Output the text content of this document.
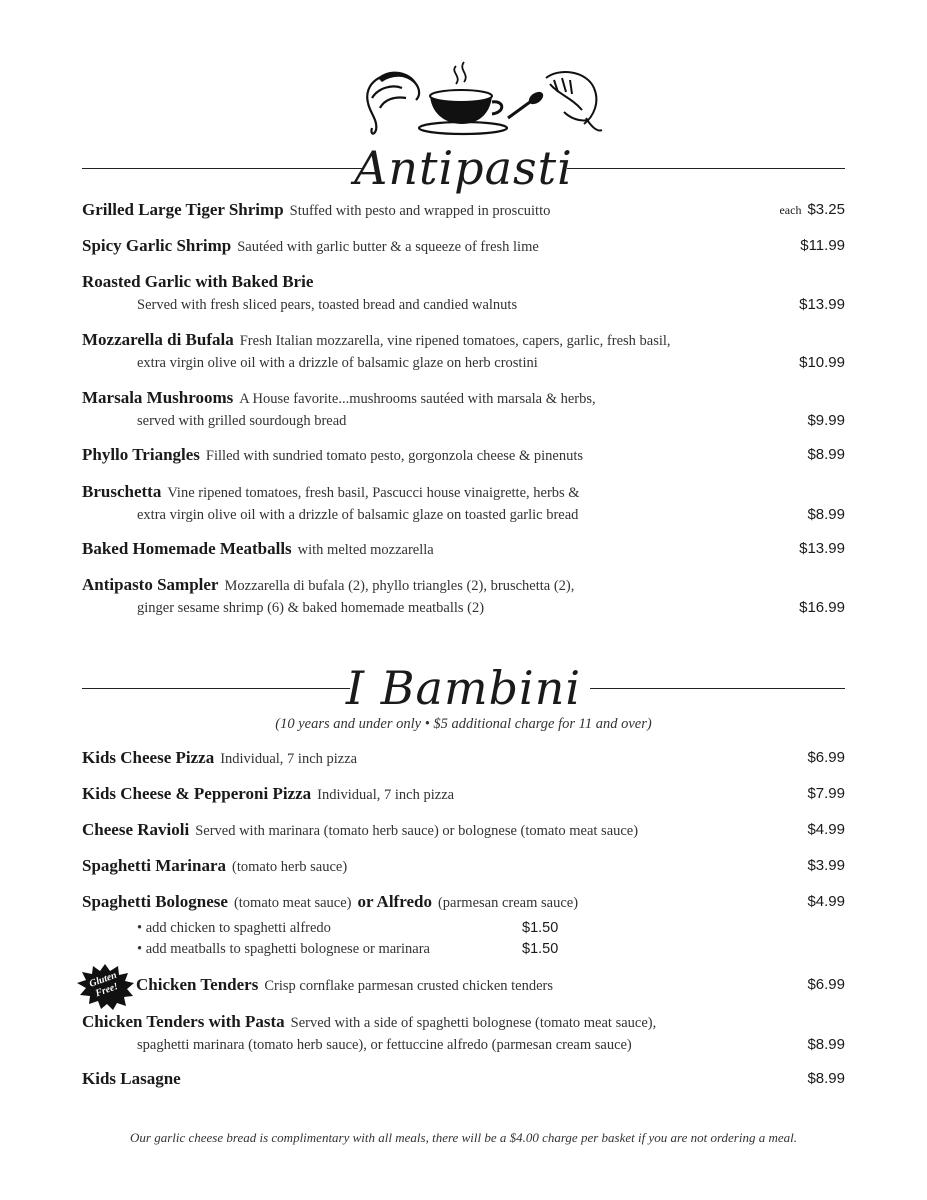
Antipasti
Grilled Large Tiger Shrimp Stuffed with pesto and wrapped in proscuitto	each $3.25
Spicy Garlic Shrimp Sautéed with garlic butter & a squeeze of fresh lime	$11.99
Roasted Garlic with Baked Brie
Served with fresh sliced pears, toasted bread and candied walnuts	$13.99
Mozzarella di Bufala Fresh Italian mozzarella, vine ripened tomatoes, capers, garlic, fresh basil,
extra virgin olive oil with a drizzle of balsamic glaze on herb crostini	$10.99
Marsala Mushrooms A House favorite...mushrooms sautéed with marsala & herbs,
served with grilled sourdough bread	$9.99
Phyllo Triangles Filled with sundried tomato pesto, gorgonzola cheese & pinenuts	$8.99
Bruschetta Vine ripened tomatoes, fresh basil, Pascucci house vinaigrette, herbs &
extra virgin olive oil with a drizzle of balsamic glaze on toasted garlic bread	$8.99
Baked Homemade Meatballs with melted mozzarella	$13.99
Antipasto Sampler Mozzarella di bufala (2), phyllo triangles (2), bruschetta (2),
ginger sesame shrimp (6) & baked homemade meatballs (2)	$16.99
I Bambini
(10 years and under only • $5 additional charge for 11 and over)
Kids Cheese Pizza Individual, 7 inch pizza	$6.99
Kids Cheese & Pepperoni Pizza Individual, 7 inch pizza	$7.99
Cheese Ravioli Served with marinara (tomato herb sauce) or bolognese (tomato meat sauce)	$4.99
Spaghetti Marinara (tomato herb sauce)	$3.99
Spaghetti Bolognese (tomato meat sauce) or Alfredo (parmesan cream sauce)	$4.99
• add chicken to spaghetti alfredo	$1.50
• add meatballs to spaghetti bolognese or marinara	$1.50
Gluten Free! Chicken Tenders Crisp cornflake parmesan crusted chicken tenders	$6.99
Chicken Tenders with Pasta Served with a side of spaghetti bolognese (tomato meat sauce),
spaghetti marinara (tomato herb sauce), or fettuccine alfredo (parmesan cream sauce)	$8.99
Kids Lasagne	$8.99
Our garlic cheese bread is complimentary with all meals, there will be a $4.00 charge per basket if you are not ordering a meal.
